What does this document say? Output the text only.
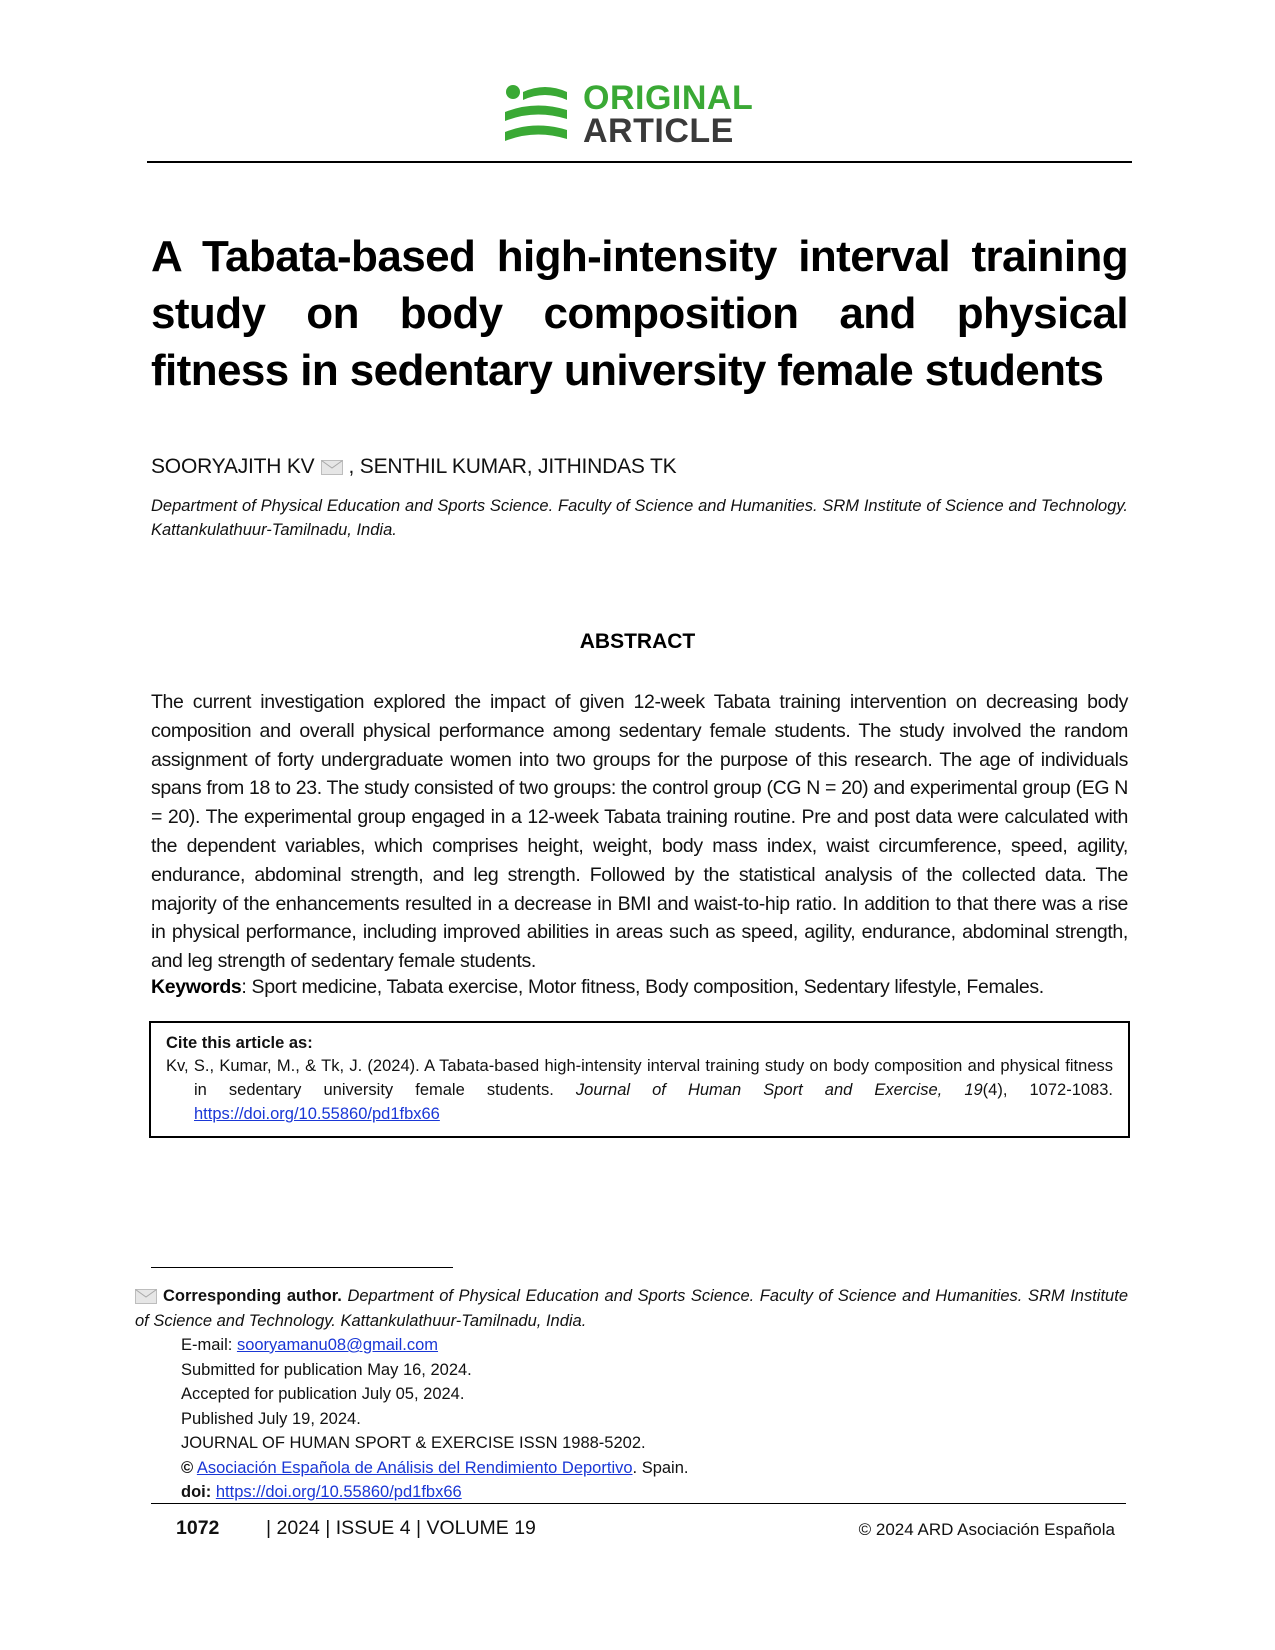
ORIGINAL
ARTICLE
A Tabata-based high-intensity interval training study on body composition and physical fitness in sedentary university female students
SOORYAJITH KV , SENTHIL KUMAR, JITHINDAS TK
Department of Physical Education and Sports Science. Faculty of Science and Humanities. SRM Institute of Science and Technology. Kattankulathuur-Tamilnadu, India.
ABSTRACT

The current investigation explored the impact of given 12-week Tabata training intervention on decreasing body composition and overall physical performance among sedentary female students. The study involved the random assignment of forty undergraduate women into two groups for the purpose of this research. The age of individuals spans from 18 to 23. The study consisted of two groups: the control group (CG N = 20) and experimental group (EG N = 20). The experimental group engaged in a 12-week Tabata training routine. Pre and post data were calculated with the dependent variables, which comprises height, weight, body mass index, waist circumference, speed, agility, endurance, abdominal strength, and leg strength. Followed by the statistical analysis of the collected data. The majority of the enhancements resulted in a decrease in BMI and waist-to-hip ratio. In addition to that there was a rise in physical performance, including improved abilities in areas such as speed, agility, endurance, abdominal strength, and leg strength of sedentary female students.

Keywords: Sport medicine, Tabata exercise, Motor fitness, Body composition, Sedentary lifestyle, Females.
Cite this article as:
Kv, S., Kumar, M., & Tk, J. (2024). A Tabata-based high-intensity interval training study on body composition and physical fitness in sedentary university female students. Journal of Human Sport and Exercise, 19(4), 1072-1083. https://doi.org/10.55860/pd1fbx66
Corresponding author. Department of Physical Education and Sports Science. Faculty of Science and Humanities. SRM Institute of Science and Technology. Kattankulathuur-Tamilnadu, India.
E-mail: sooryamanu08@gmail.com
Submitted for publication May 16, 2024.
Accepted for publication July 05, 2024.
Published July 19, 2024.
JOURNAL OF HUMAN SPORT & EXERCISE ISSN 1988-5202.
© Asociación Española de Análisis del Rendimiento Deportivo. Spain.
doi: https://doi.org/10.55860/pd1fbx66
1072 | 2024 | ISSUE 4 | VOLUME 19	© 2024 ARD Asociación Española
